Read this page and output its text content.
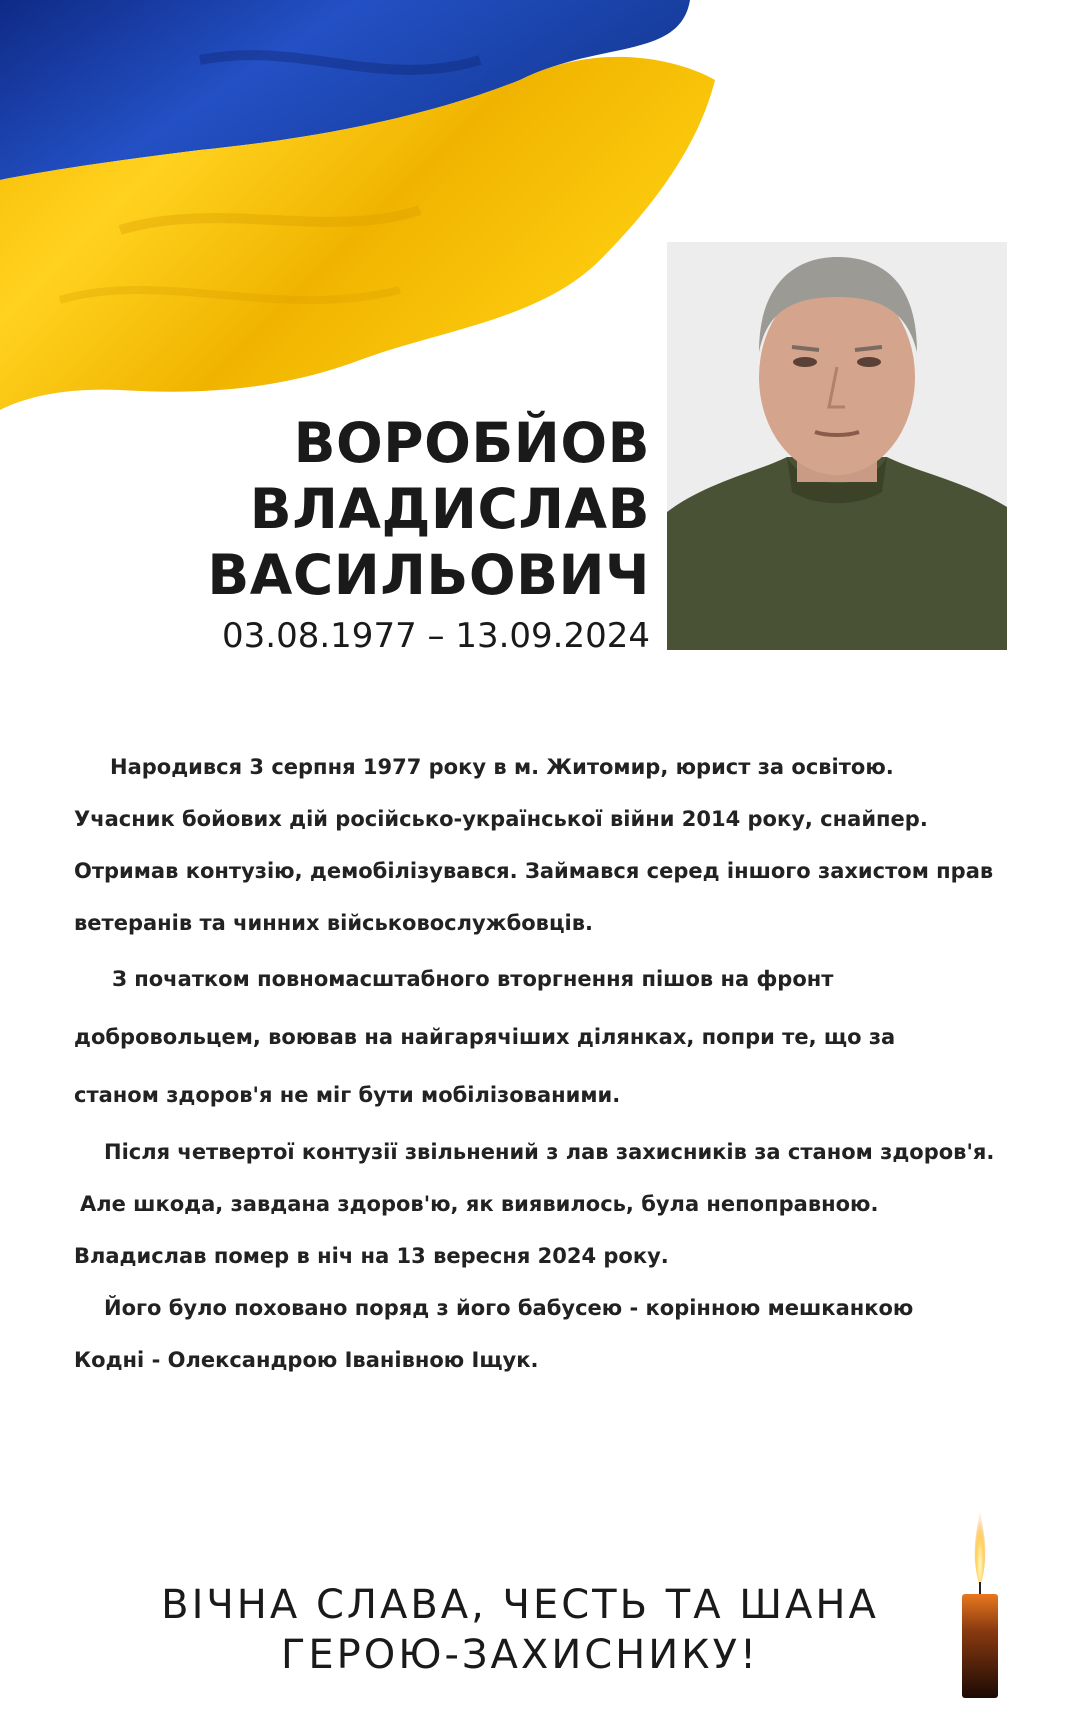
ВОРОБЙОВ
ВЛАДИСЛАВ
ВАСИЛЬОВИЧ
03.08.1977 – 13.09.2024
Народився 3 серпня 1977 року в м. Житомир, юрист за освітою.
Учасник бойових дій російсько-української війни 2014 року, снайпер.
Отримав контузію, демобілізувався. Займався серед іншого захистом прав
ветеранів та чинних військовослужбовців.
З початком повномасштабного вторгнення пішов на фронт
добровольцем, воював на найгарячіших ділянках, попри те, що за
станом здоров'я не міг бути мобілізованими.
Після четвертої контузії звільнений з лав захисників за станом здоров'я.
Але шкода, завдана здоров'ю, як виявилось, була непоправною.
Владислав помер в ніч на 13 вересня 2024 року.
Його було поховано поряд з його бабусею - корінною мешканкою
Кодні - Олександрою Іванівною Іщук.
ВІЧНА СЛАВА, ЧЕСТЬ ТА ШАНА
ГЕРОЮ-ЗАХИСНИКУ!
